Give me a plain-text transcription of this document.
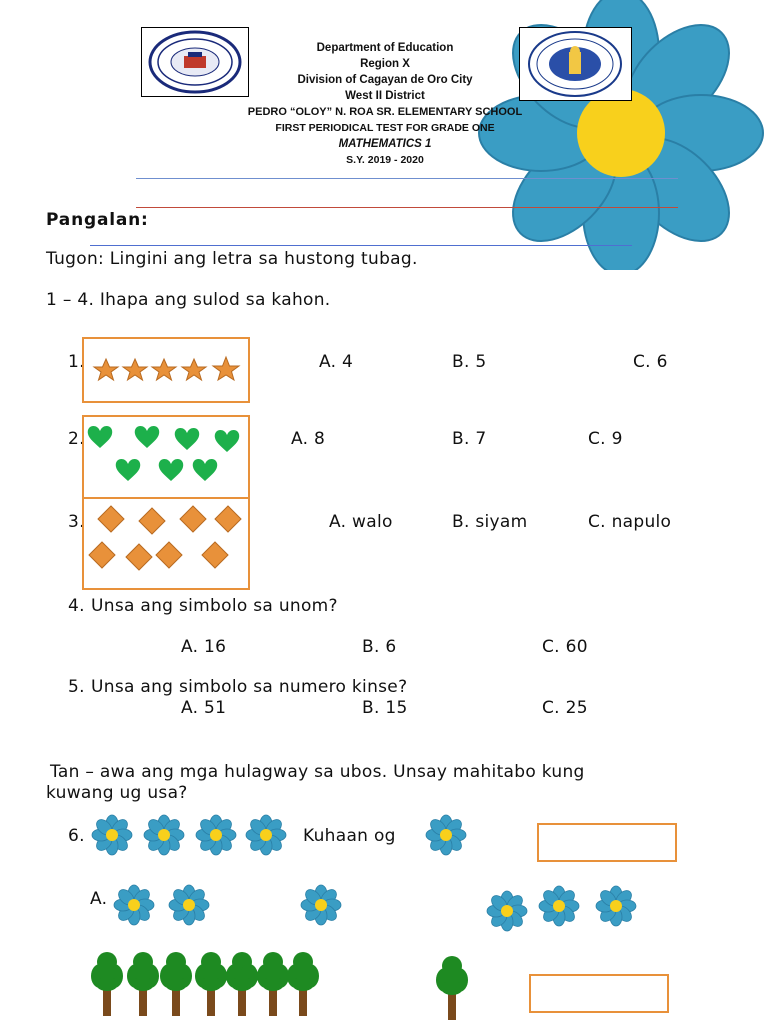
Department of Education
Region X
Division of Cagayan de Oro City
West II District
PEDRO “OLOY” N. ROA SR. ELEMENTARY SCHOOL
FIRST PERIODICAL TEST FOR GRADE ONE
MATHEMATICS 1
S.Y. 2019 - 2020
Pangalan:
Tugon: Lingini ang letra sa hustong tubag.
1 – 4. Ihapa ang sulod sa kahon.
1.	A. 4	B. 5	C. 6
2.	A. 8	B. 7	C. 9
3.	A. walo	B. siyam	C. napulo
4. Unsa ang simbolo sa unom?
A. 16	B. 6	C. 60
5. Unsa ang simbolo sa numero kinse?
A. 51	B. 15	C. 25
Tan – awa ang mga hulagway sa ubos. Unsay mahitabo kung
kuwang ug usa?
6.	Kuhaan og
A.
